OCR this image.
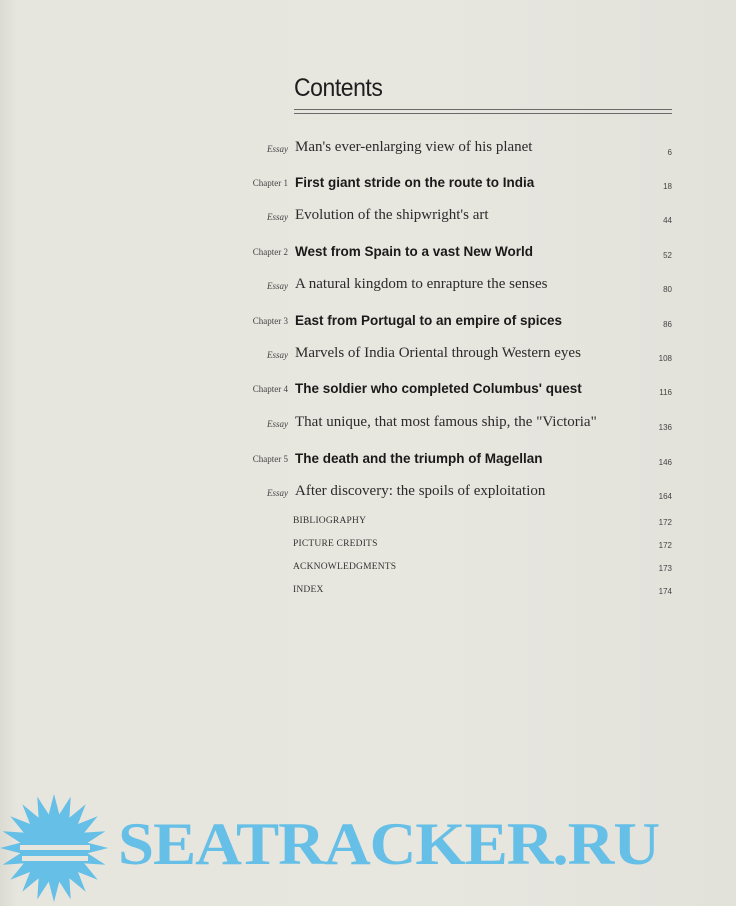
Contents
Essay Man's ever-enlarging view of his planet	6
Chapter 1 First giant stride on the route to India	18
Essay Evolution of the shipwright's art	44
Chapter 2 West from Spain to a vast New World	52
Essay A natural kingdom to enrapture the senses	80
Chapter 3 East from Portugal to an empire of spices	86
Essay Marvels of India Oriental through Western eyes	108
Chapter 4 The soldier who completed Columbus' quest	116
Essay That unique, that most famous ship, the "Victoria"	136
Chapter 5 The death and the triumph of Magellan	146
Essay After discovery: the spoils of exploitation	164
BIBLIOGRAPHY	172
PICTURE CREDITS	172
ACKNOWLEDGMENTS	173
INDEX	174
SEATRACKER.RU
